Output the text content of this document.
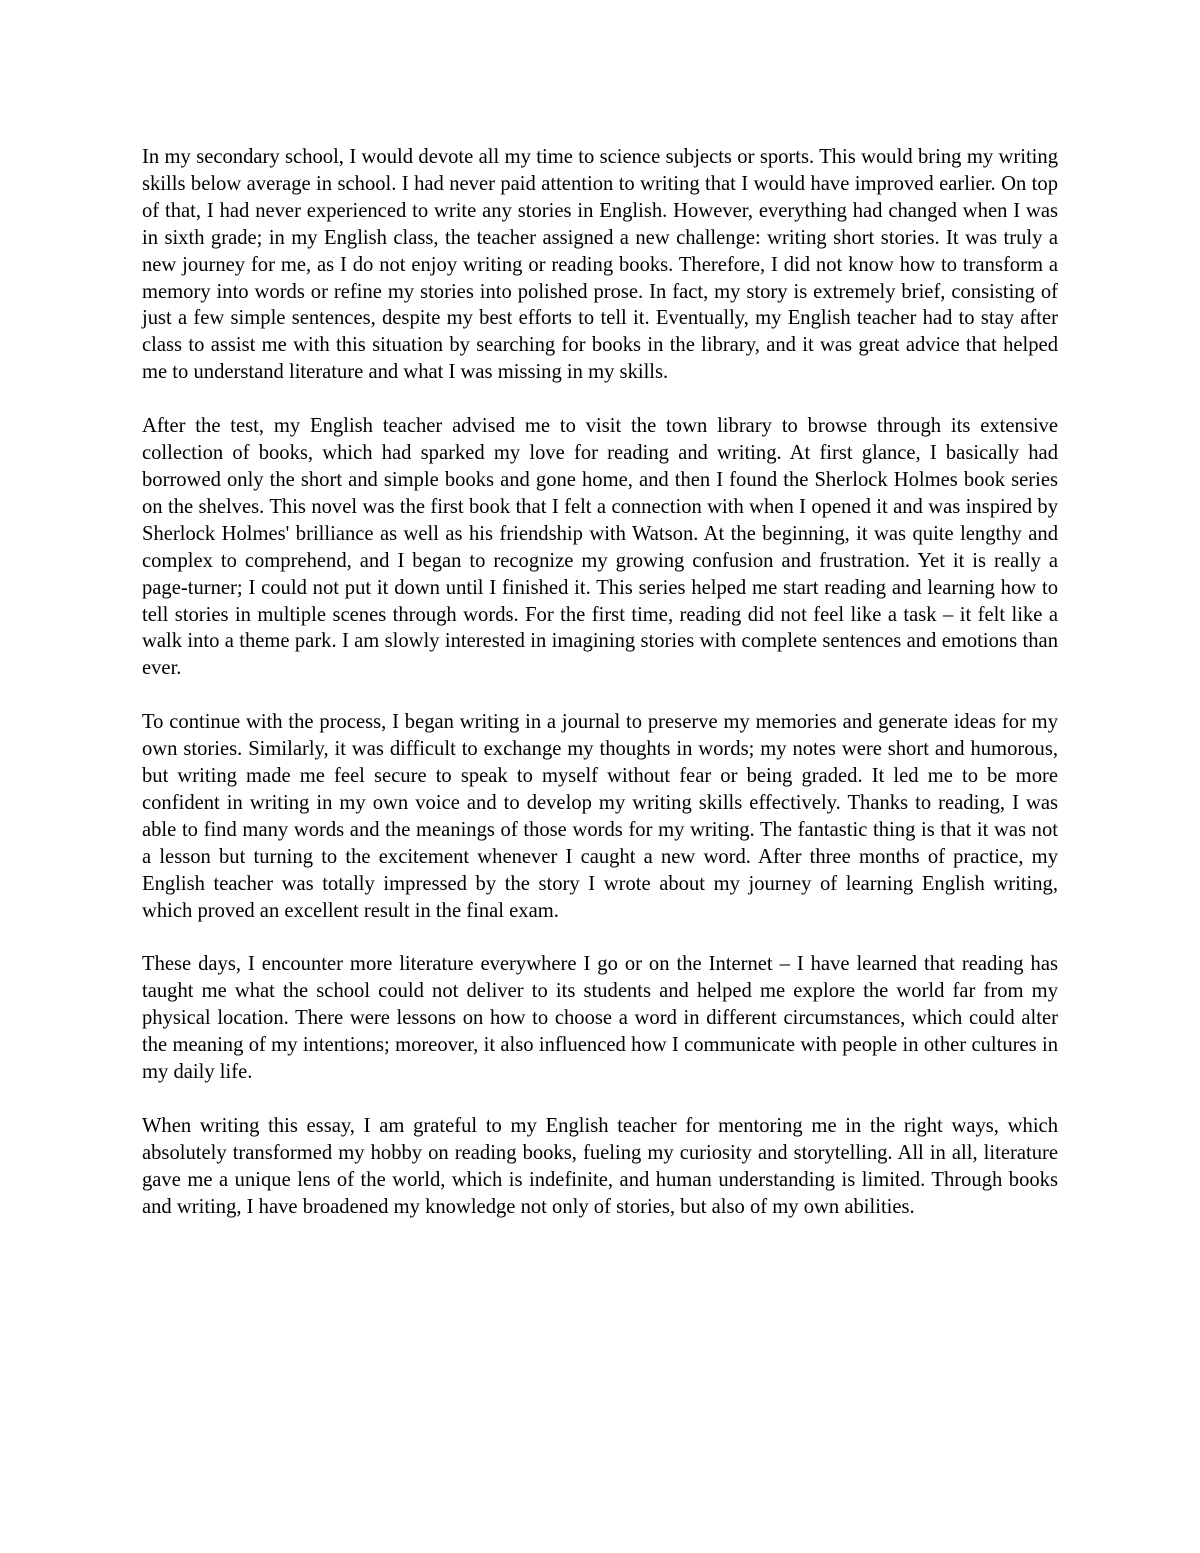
In my secondary school, I would devote all my time to science subjects or sports. This would bring my writing skills below average in school. I had never paid attention to writing that I would have improved earlier. On top of that, I had never experienced to write any stories in English. However, everything had changed when I was in sixth grade; in my English class, the teacher assigned a new challenge: writing short stories. It was truly a new journey for me, as I do not enjoy writing or reading books. Therefore, I did not know how to transform a memory into words or refine my stories into polished prose. In fact, my story is extremely brief, consisting of just a few simple sentences, despite my best efforts to tell it. Eventually, my English teacher had to stay after class to assist me with this situation by searching for books in the library, and it was great advice that helped me to understand literature and what I was missing in my skills.

After the test, my English teacher advised me to visit the town library to browse through its extensive collection of books, which had sparked my love for reading and writing. At first glance, I basically had borrowed only the short and simple books and gone home, and then I found the Sherlock Holmes book series on the shelves. This novel was the first book that I felt a connection with when I opened it and was inspired by Sherlock Holmes' brilliance as well as his friendship with Watson. At the beginning, it was quite lengthy and complex to comprehend, and I began to recognize my growing confusion and frustration. Yet it is really a page-turner; I could not put it down until I finished it. This series helped me start reading and learning how to tell stories in multiple scenes through words. For the first time, reading did not feel like a task – it felt like a walk into a theme park. I am slowly interested in imagining stories with complete sentences and emotions than ever.

To continue with the process, I began writing in a journal to preserve my memories and generate ideas for my own stories. Similarly, it was difficult to exchange my thoughts in words; my notes were short and humorous, but writing made me feel secure to speak to myself without fear or being graded. It led me to be more confident in writing in my own voice and to develop my writing skills effectively. Thanks to reading, I was able to find many words and the meanings of those words for my writing. The fantastic thing is that it was not a lesson but turning to the excitement whenever I caught a new word. After three months of practice, my English teacher was totally impressed by the story I wrote about my journey of learning English writing, which proved an excellent result in the final exam.

These days, I encounter more literature everywhere I go or on the Internet – I have learned that reading has taught me what the school could not deliver to its students and helped me explore the world far from my physical location. There were lessons on how to choose a word in different circumstances, which could alter the meaning of my intentions; moreover, it also influenced how I communicate with people in other cultures in my daily life.

When writing this essay, I am grateful to my English teacher for mentoring me in the right ways, which absolutely transformed my hobby on reading books, fueling my curiosity and storytelling. All in all, literature gave me a unique lens of the world, which is indefinite, and human understanding is limited. Through books and writing, I have broadened my knowledge not only of stories, but also of my own abilities.
